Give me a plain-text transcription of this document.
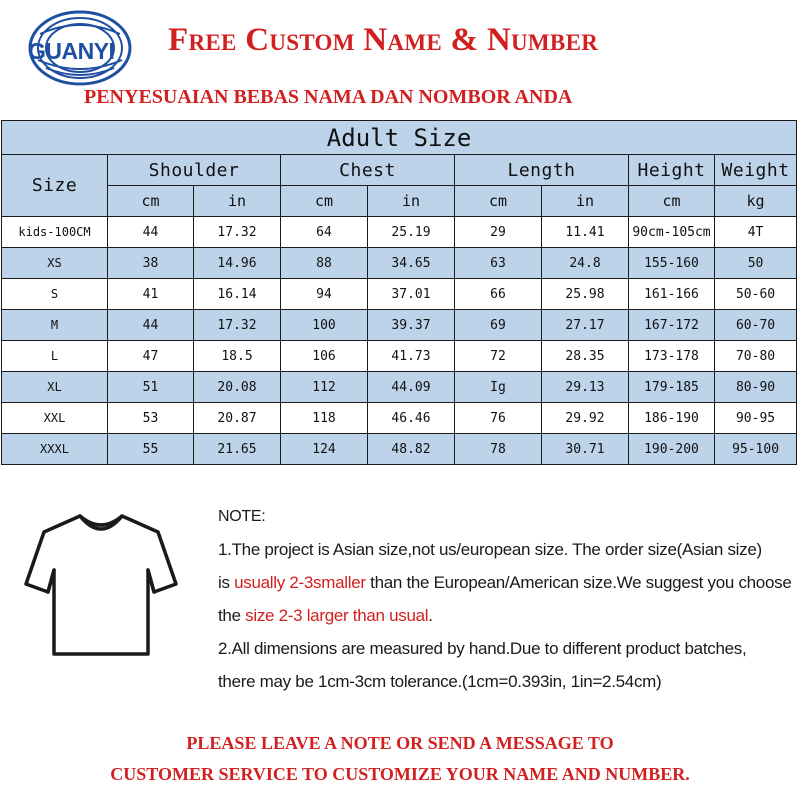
GUANYI Free Custom Name & Number
PENYESUAIAN BEBAS NAMA DAN NOMBOR ANDA
Adult Size								
Size	Shoulder		Chest		Length		Height	Weight
	cm	in	cm	in	cm	in	cm	kg
kids-100CM	44	17.32	64	25.19	29	11.41	90cm-105cm	4T
XS	38	14.96	88	34.65	63	24.8	155-160	50
S	41	16.14	94	37.01	66	25.98	161-166	50-60
M	44	17.32	100	39.37	69	27.17	167-172	60-70
L	47	18.5	106	41.73	72	28.35	173-178	70-80
XL	51	20.08	112	44.09	Ig	29.13	179-185	80-90
XXL	53	20.87	118	46.46	76	29.92	186-190	90-95
XXXL	55	21.65	124	48.82	78	30.71	190-200	95-100
NOTE:
1.The project is Asian size,not us/european size. The order size(Asian size)
is usually 2-3smaller than the European/American size.We suggest you choose
the size 2-3 larger than usual.
2.All dimensions are measured by hand.Due to different product batches,
there may be 1cm-3cm tolerance.(1cm=0.393in, 1in=2.54cm)
PLEASE LEAVE A NOTE OR SEND A MESSAGE TO
CUSTOMER SERVICE TO CUSTOMIZE YOUR NAME AND NUMBER.
